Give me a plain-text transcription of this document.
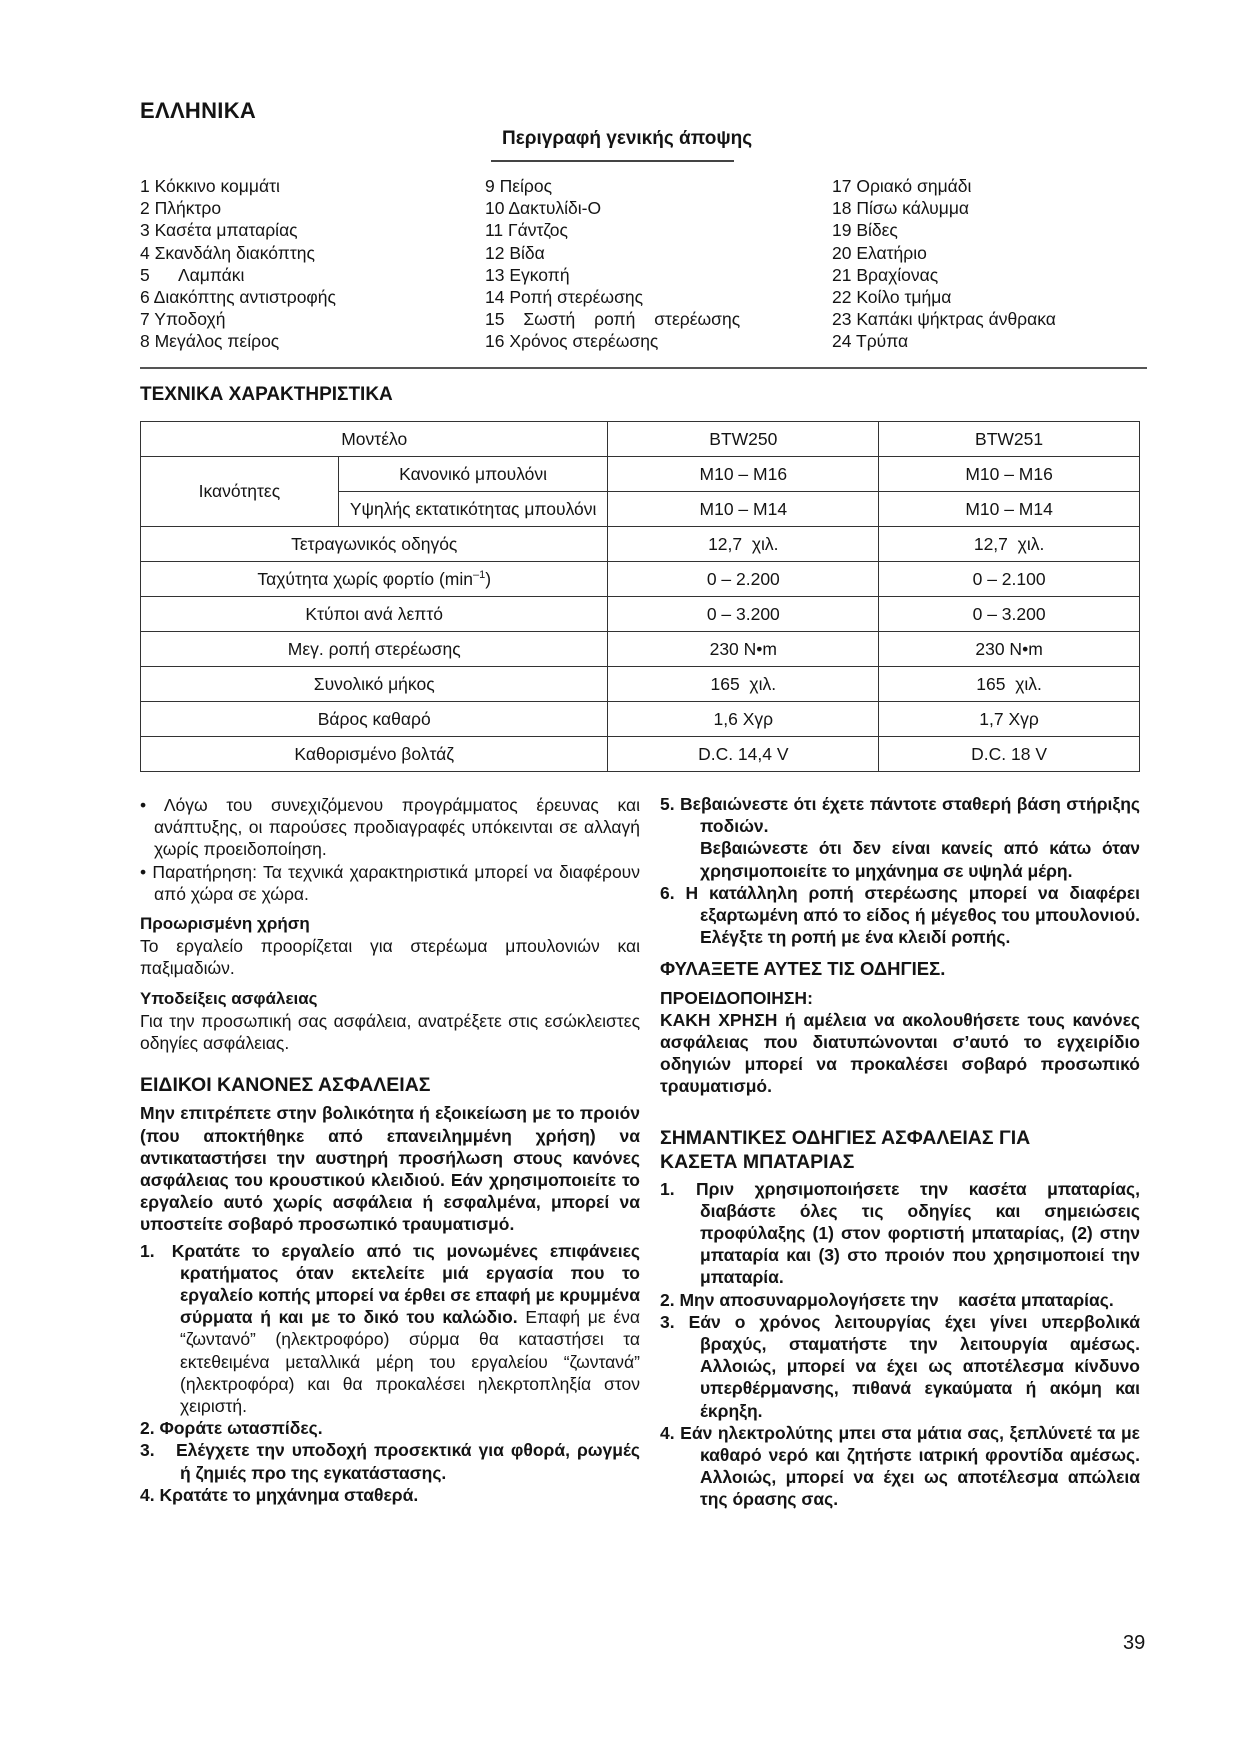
ΕΛΛΗΝΙΚΑ
Περιγραφή γενικής άποψης
1 Κόκκινο κομμάτι
2 Πλήκτρο
3 Κασέτα μπαταρίας
4 Σκανδάλη διακόπτης
5      Λαμπάκι
6 Διακόπτης αντιστροφής
7 Υποδοχή
8 Μεγάλος πείρος
9 Πείρος
10 Δακτυλίδι-Ο
11 Γάντζος
12 Βίδα
13 Εγκοπή
14 Ροπή στερέωσης
15 Σωστή ροπή στερέωσης
16 Χρόνος στερέωσης
17 Οριακό σημάδι
18 Πίσω κάλυμμα
19 Βίδες
20 Ελατήριο
21 Βραχίονας
22 Κοίλο τμήμα
23 Καπάκι ψήκτρας άνθρακα
24 Τρύπα
ΤΕΧΝΙΚΑ ΧΑΡΑΚΤΗΡΙΣΤΙΚΑ
Μοντέλο		BTW250	BTW251
Ικανότητες	Κανονικό μπουλόνι	M10 – M16	M10 – M16
	Υψηλής εκτατικότητας μπουλόνι	M10 – M14	M10 – M14
Τετραγωνικός οδηγός		12,7  χιλ.	12,7  χιλ.
Ταχύτητα χωρίς φορτίο $(\min^{-1})$		0 – 2.200	0 – 2.100
Κτύποι ανά λεπτό		0 – 3.200	0 – 3.200
Μεγ. ροπή στερέωσης		230 N•m	230 N•m
Συνολικό μήκος		165  χιλ.	165  χιλ.
Βάρος καθαρό		1,6 Χγρ	1,7 Χγρ
Καθορισμένο βολτάζ		D.C. 14,4 V	D.C. 18 V

• Λόγω του συνεχιζόμενου προγράμματος έρευνας και ανάπτυξης, οι παρούσες προδιαγραφές υπόκεινται σε αλλαγή χωρίς προειδοποίηση.

• Παρατήρηση: Τα τεχνικά χαρακτηριστικά μπορεί να διαφέρουν από χώρα σε χώρα.

Προωρισμένη χρήση
Το εργαλείο προορίζεται για στερέωμα μπουλονιών και παξιμαδιών.
Υποδείξεις ασφάλειας
Για την προσωπική σας ασφάλεια, ανατρέξετε στις εσώκλειστες οδηγίες ασφάλειας.
ΕΙΔΙΚΟΙ ΚΑΝΟΝΕΣ ΑΣΦΑΛΕΙΑΣ
Μην επιτρέπετε στην βολικότητα ή εξοικείωση με το προιόν (που αποκτήθηκε από επανειλημμένη χρήση) να αντικαταστήσει την αυστηρή προσήλωση στους κανόνες ασφάλειας του κρουστικού κλειδιού. Εάν χρησιμοποιείτε το εργαλείο αυτό χωρίς ασφάλεια ή εσφαλμένα, μπορεί να υποστείτε σοβαρό προσωπικό τραυματισμό.

1. Κρατάτε το εργαλείο από τις μονωμένες επιφάνειες κρατήματος όταν εκτελείτε μιά εργασία που το εργαλείο κοπής μπορεί να έρθει σε επαφή με κρυμμένα σύρματα ή και με το δικό του καλώδιο. Επαφή με ένα “ζωντανό” (ηλεκτροφόρο) σύρμα θα καταστήσει τα εκτεθειμένα μεταλλικά μέρη του εργαλείου “ζωντανά” (ηλεκτροφόρα) και θα προκαλέσει ηλεκρτοπληξία στον χειριστή.

2. Φοράτε ωτασπίδες.

3. Ελέγχετε την υποδοχή προσεκτικά για φθορά, ρωγμές ή ζημιές προ της εγκατάστασης.

4. Κρατάτε το μηχάνημα σταθερά.

5. Βεβαιώνεστε ότι έχετε πάντοτε σταθερή βάση στήριξης ποδιών.

Βεβαιώνεστε ότι δεν είναι κανείς από κάτω όταν χρησιμοποιείτε το μηχάνημα σε υψηλά μέρη.

6. Η κατάλληλη ροπή στερέωσης μπορεί να διαφέρει εξαρτωμένη από το είδος ή μέγεθος του μπουλονιού. Ελέγξτε τη ροπή με ένα κλειδί ροπής.

ΦΥΛΑΞΕΤΕ ΑΥΤΕΣ ΤΙΣ ΟΔΗΓΙΕΣ.
ΠΡΟΕΙΔΟΠΟΙΗΣΗ:
ΚΑΚΗ ΧΡΗΣΗ ή αμέλεια να ακολουθήσετε τους κανόνες ασφάλειας που διατυπώνονται σ’αυτό το εγχειρίδιο οδηγιών μπορεί να προκαλέσει σοβαρό προσωπικό τραυματισμό.
ΣΗΜΑΝΤΙΚΕΣ ΟΔΗΓΙΕΣ ΑΣΦΑΛΕΙΑΣ ΓΙΑ
ΚΑΣΕΤΑ ΜΠΑΤΑΡΙΑΣ

1. Πριν χρησιμοποιήσετε την κασέτα μπαταρίας, διαβάστε όλες τις οδηγίες και σημειώσεις προφύλαξης (1) στον φορτιστή μπαταρίας, (2) στην μπαταρία και (3) στο προιόν που χρησιμοποιεί την μπαταρία.

2. Μην αποσυναρμολογήσετε την    κασέτα μπαταρίας.

3. Εάν ο χρόνος λειτουργίας έχει γίνει υπερβολικά βραχύς, σταματήστε την λειτουργία αμέσως. Αλλοιώς, μπορεί να έχει ως αποτέλεσμα κίνδυνο υπερθέρμανσης, πιθανά εγκαύματα ή ακόμη και έκρηξη.

4. Εάν ηλεκτρολύτης μπει στα μάτια σας, ξεπλύνετέ τα με καθαρό νερό και ζητήστε ιατρική φροντίδα αμέσως. Αλλοιώς, μπορεί να έχει ως αποτέλεσμα απώλεια της όρασης σας.

39
